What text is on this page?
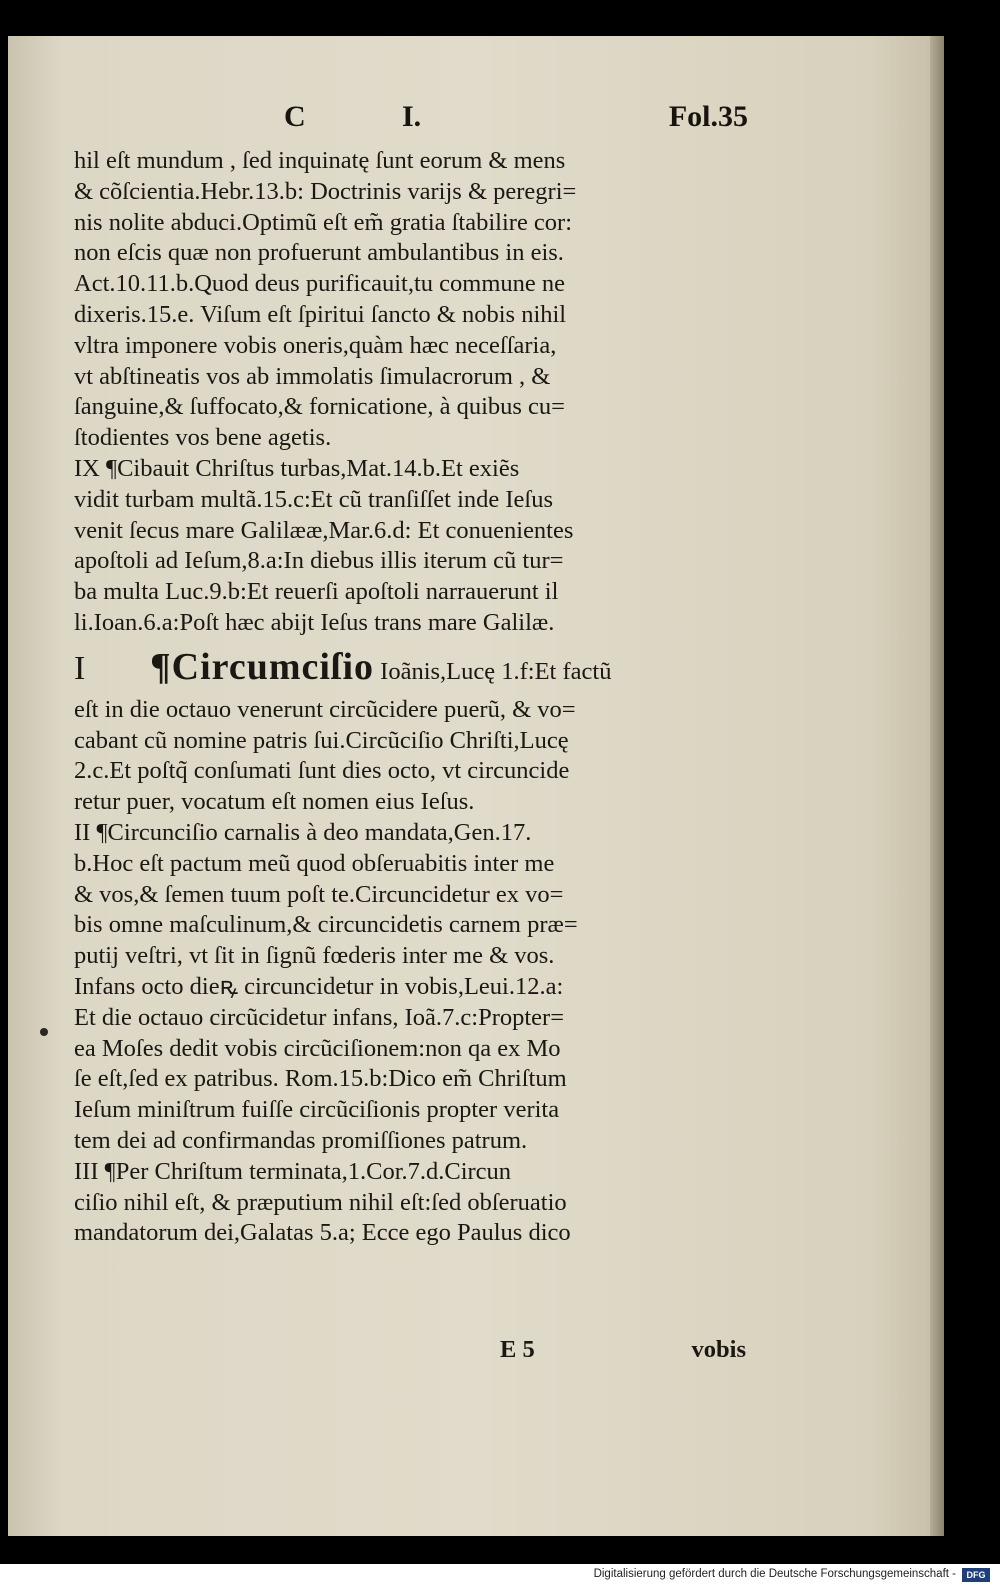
C	I.	Fol.35
hil eſt mundum , ſed inquinatę ſunt eorum & mens
& cõſcientia.Hebr.13.b: Doctrinis varijs & peregri=
nis nolite abduci.Optimũ eſt em̃ gratia ſtabilire cor:
non eſcis quæ non profuerunt ambulantibus in eis.
Act.10.11.b.Quod deus purificauit,tu commune ne
dixeris.15.e. Viſum eſt ſpiritui ſancto & nobis nihil
vltra imponere vobis oneris,quàm hæc neceſſaria,
vt abſtineatis vos ab immolatis ſimulacrorum , &
ſanguine,& ſuffocato,& fornicatione, à quibus cu=
ſtodientes vos bene agetis.
IX ¶Cibauit Chriſtus turbas,Mat.14.b.Et exiẽs
vidit turbam multã.15.c:Et cũ tranſiſſet inde Ieſus
venit ſecus mare Galilææ,Mar.6.d: Et conuenientes
apoſtoli ad Ieſum,8.a:In diebus illis iterum cũ tur=
ba multa Luc.9.b:Et reuerſi apoſtoli narrauerunt il
li.Ioan.6.a:Poſt hæc abijt Ieſus trans mare Galilæ.
I ¶Circumciſio Ioãnis,Lucę 1.f:Et factũ
eſt in die octauo venerunt circũcidere puerũ, & vo=
cabant cũ nomine patris ſui.Circũciſio Chriſti,Lucę
2.c.Et poſtq̃ conſumati ſunt dies octo, vt circuncide
retur puer, vocatum eſt nomen eius Ieſus.
II ¶Circunciſio carnalis à deo mandata,Gen.17.
b.Hoc eſt pactum meũ quod obſeruabitis inter me
& vos,& ſemen tuum poſt te.Circuncidetur ex vo=
bis omne maſculinum,& circuncidetis carnem præ=
putij veſtri, vt ſit in ſignũ fœderis inter me & vos.
Infans octo dieꝶ circuncidetur in vobis,Leui.12.a:
Et die octauo circũcidetur infans, Ioã.7.c:Propter=
ea Moſes dedit vobis circũciſionem:non qa ex Mo
ſe eſt,ſed ex patribus. Rom.15.b:Dico em̃ Chriſtum
Ieſum miniſtrum fuiſſe circũciſionis propter verita
tem dei ad confirmandas promiſſiones patrum.
III ¶Per Chriſtum terminata,1.Cor.7.d.Circun
ciſio nihil eſt, & præputium nihil eſt:ſed obſeruatio
mandatorum dei,Galatas 5.a; Ecce ego Paulus dico
E 5	vobis
Digitalisierung gefördert durch die Deutsche Forschungsgemeinschaft -	DFG
